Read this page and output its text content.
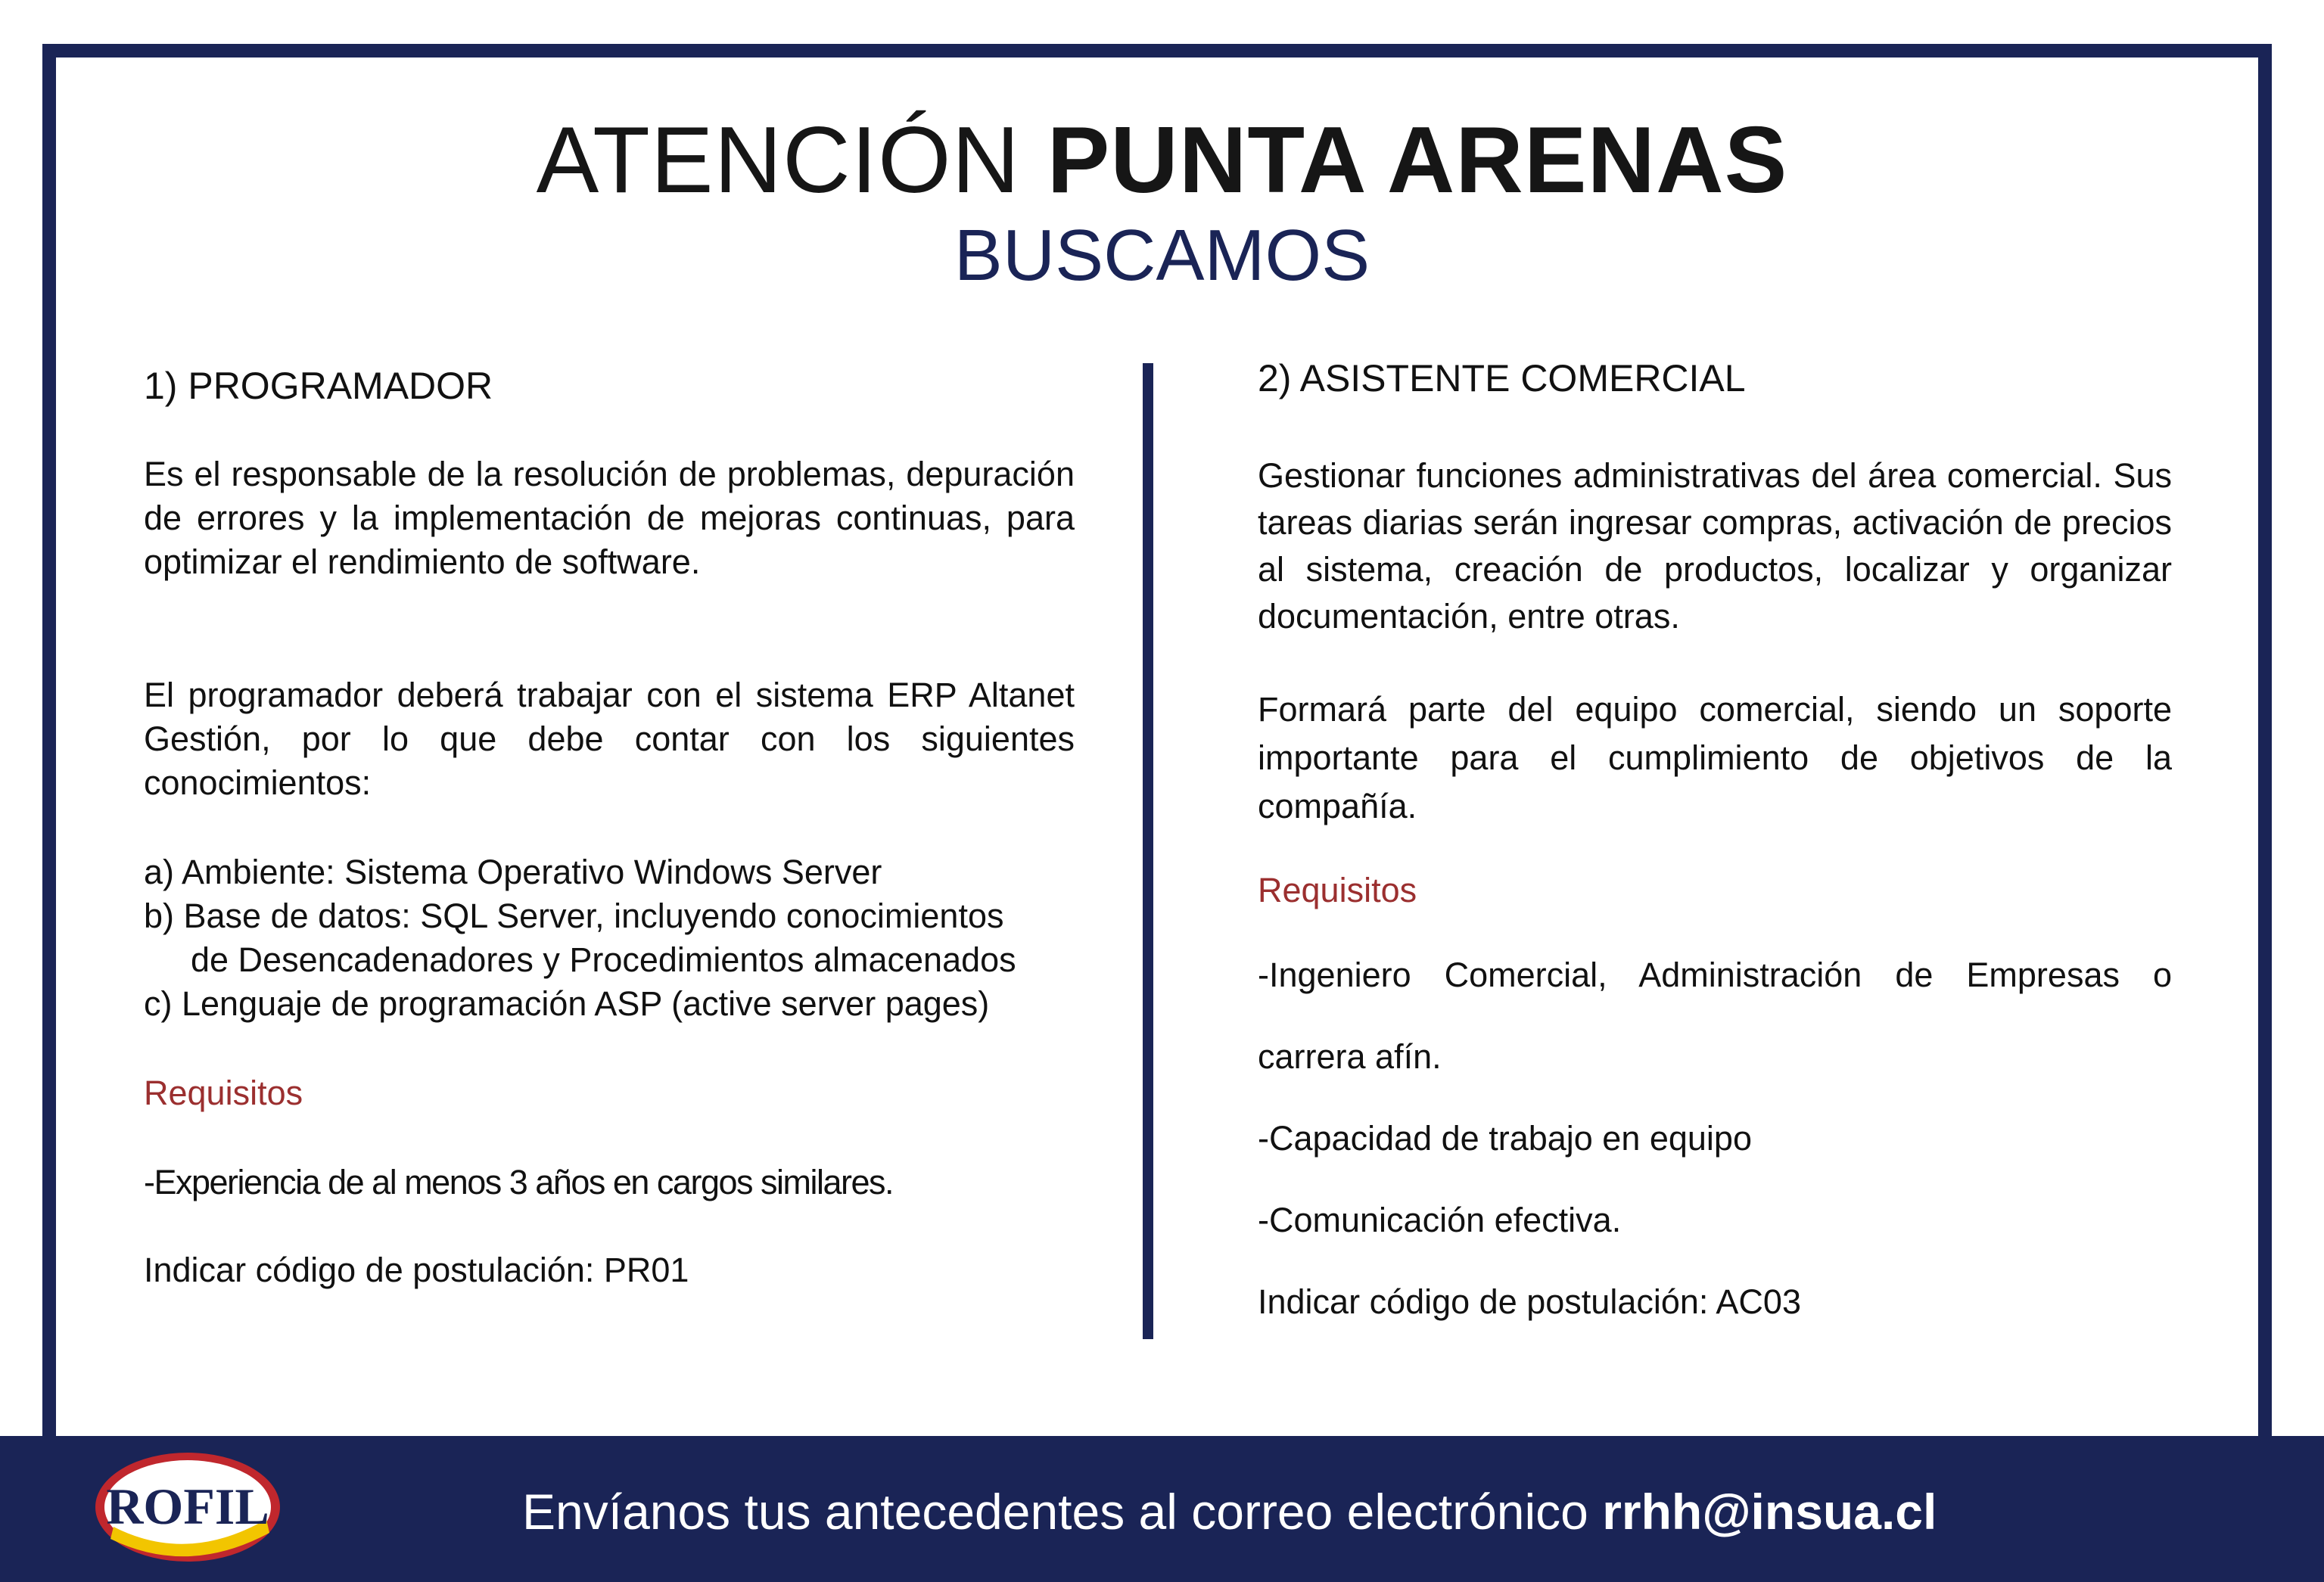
ATENCIÓN PUNTA ARENAS
BUSCAMOS
1) PROGRAMADOR
Es el responsable de la resolución de problemas, depuración de errores y la implementación de mejoras continuas, para optimizar el rendimiento de software.
El programador deberá trabajar con el sistema ERP Altanet Gestión, por lo que debe contar con los siguientes conocimientos:
a) Ambiente: Sistema Operativo Windows Server
b) Base de datos: SQL Server, incluyendo conocimientos
de Desencadenadores y Procedimientos almacenados
c) Lenguaje de programación ASP (active server pages)
Requisitos
-Experiencia de al menos 3 años en cargos similares.
Indicar código de postulación: PR01
2) ASISTENTE COMERCIAL
Gestionar funciones administrativas del área comercial. Sus tareas diarias serán ingresar compras, activación de precios al sistema, creación de productos, localizar y organizar documentación, entre otras.
Formará parte del equipo comercial, siendo un soporte importante para el cumplimiento de objetivos de la compañía.
Requisitos
-Ingeniero Comercial, Administración de Empresas o
carrera afín.
-Capacidad de trabajo en equipo
-Comunicación efectiva.
Indicar código de postulación: AC03
ROFIL	Envíanos tus antecedentes al correo electrónico rrhh@insua.cl
